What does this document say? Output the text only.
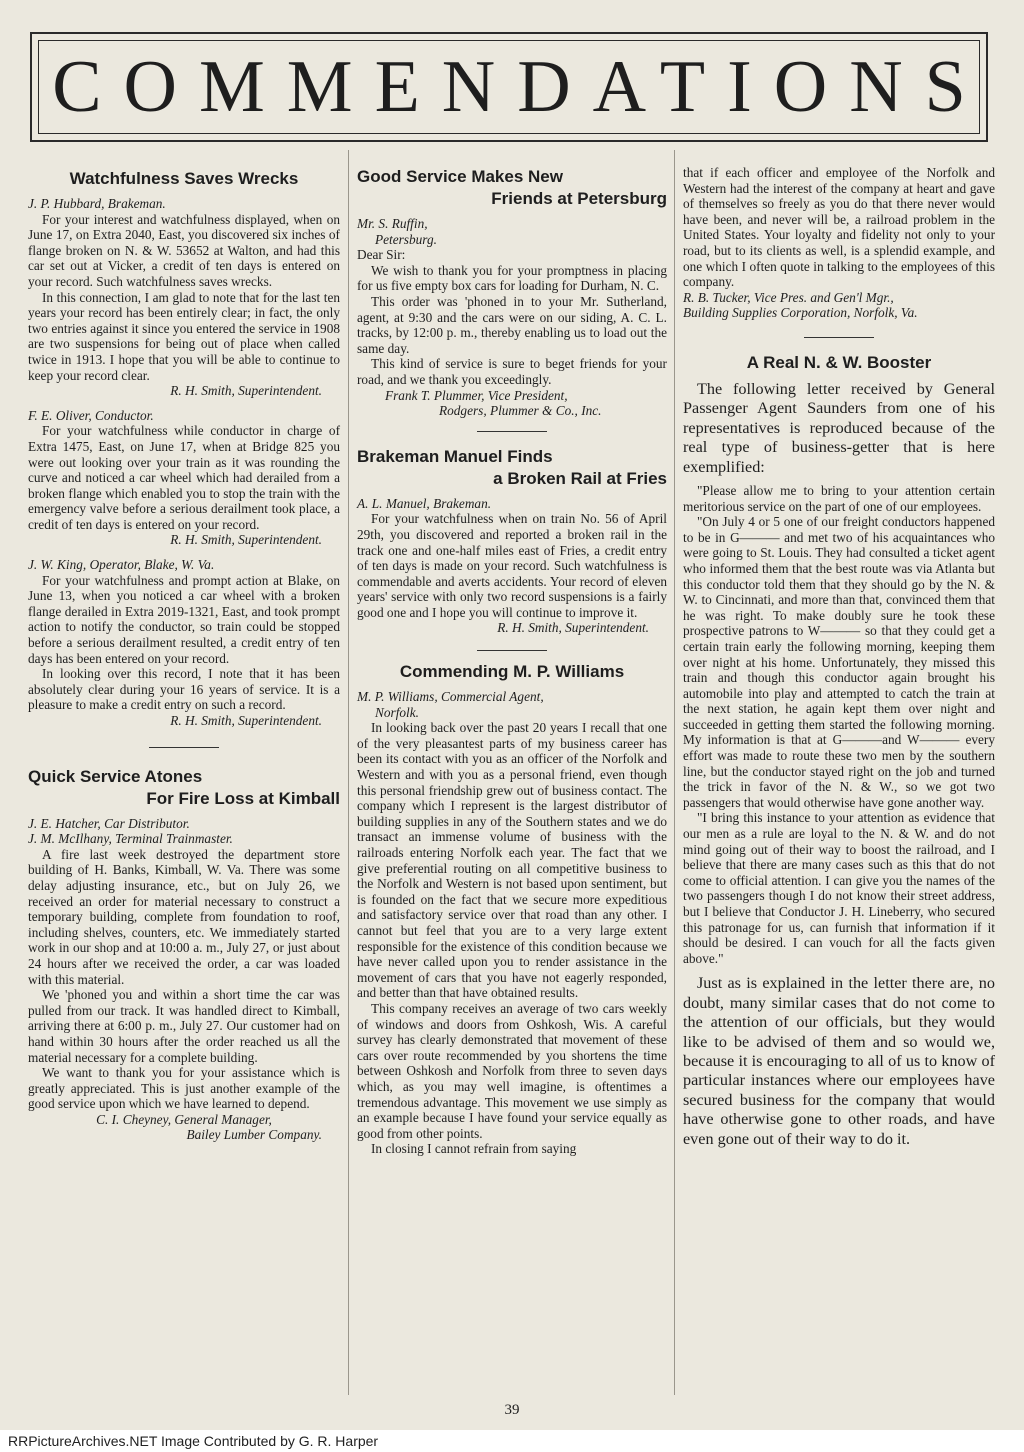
COMMENDATIONS
Watchfulness Saves Wrecks
J. P. Hubbard, Brakeman.

For your interest and watchfulness displayed, when on June 17, on Extra 2040, East, you discovered six inches of flange broken on N. & W. 53652 at Walton, and had this car set out at Vicker, a credit of ten days is entered on your record. Such watchfulness saves wrecks.

In this connection, I am glad to note that for the last ten years your record has been entirely clear; in fact, the only two entries against it since you entered the service in 1908 are two suspensions for being out of place when called twice in 1913. I hope that you will be able to continue to keep your record clear.

R. H. Smith, Superintendent.
F. E. Oliver, Conductor.

For your watchfulness while conductor in charge of Extra 1475, East, on June 17, when at Bridge 825 you were out looking over your train as it was rounding the curve and noticed a car wheel which had derailed from a broken flange which enabled you to stop the train with the emergency valve before a serious derailment took place, a credit of ten days is entered on your record.

R. H. Smith, Superintendent.
J. W. King, Operator, Blake, W. Va.

For your watchfulness and prompt action at Blake, on June 13, when you noticed a car wheel with a broken flange derailed in Extra 2019-1321, East, and took prompt action to notify the conductor, so train could be stopped before a serious derailment resulted, a credit entry of ten days has been entered on your record.

In looking over this record, I note that it has been absolutely clear during your 16 years of service. It is a pleasure to make a credit entry on such a record.

R. H. Smith, Superintendent.
Quick Service Atones
For Fire Loss at Kimball
J. E. Hatcher, Car Distributor.
J. M. McIlhany, Terminal Trainmaster.

A fire last week destroyed the department store building of H. Banks, Kimball, W. Va. There was some delay adjusting insurance, etc., but on July 26, we received an order for material necessary to construct a temporary building, complete from foundation to roof, including shelves, counters, etc. We immediately started work in our shop and at 10:00 a. m., July 27, or just about 24 hours after we received the order, a car was loaded with this material.

We 'phoned you and within a short time the car was pulled from our track. It was handled direct to Kimball, arriving there at 6:00 p. m., July 27. Our customer had on hand within 30 hours after the order reached us all the material necessary for a complete building.

We want to thank you for your assistance which is greatly appreciated. This is just another example of the good service upon which we have learned to depend.

C. I. Cheyney, General Manager,
Bailey Lumber Company.
Good Service Makes New
Friends at Petersburg
Mr. S. Ruffin,
Petersburg.

Dear Sir:

We wish to thank you for your promptness in placing for us five empty box cars for loading for Durham, N. C.

This order was 'phoned in to your Mr. Sutherland, agent, at 9:30 and the cars were on our siding, A. C. L. tracks, by 12:00 p. m., thereby enabling us to load out the same day.

This kind of service is sure to beget friends for your road, and we thank you exceedingly.

Frank T. Plummer, Vice President,
Rodgers, Plummer & Co., Inc.
Brakeman Manuel Finds
a Broken Rail at Fries
A. L. Manuel, Brakeman.

For your watchfulness when on train No. 56 of April 29th, you discovered and reported a broken rail in the track one and one-half miles east of Fries, a credit entry of ten days is made on your record. Such watchfulness is commendable and averts accidents. Your record of eleven years' service with only two record suspensions is a fairly good one and I hope you will continue to improve it.

R. H. Smith, Superintendent.
Commending M. P. Williams
M. P. Williams, Commercial Agent,
Norfolk.

In looking back over the past 20 years I recall that one of the very pleasantest parts of my business career has been its contact with you as an officer of the Norfolk and Western and with you as a personal friend, even though this personal friendship grew out of business contact. The company which I represent is the largest distributor of building supplies in any of the Southern states and we do transact an immense volume of business with the railroads entering Norfolk each year. The fact that we give preferential routing on all competitive business to the Norfolk and Western is not based upon sentiment, but is founded on the fact that we secure more expeditious and satisfactory service over that road than any other. I cannot but feel that you are to a very large extent responsible for the existence of this condition because we have never called upon you to render assistance in the movement of cars that you have not eagerly responded, and better than that have obtained results.

This company receives an average of two cars weekly of windows and doors from Oshkosh, Wis. A careful survey has clearly demonstrated that movement of these cars over route recommended by you shortens the time between Oshkosh and Norfolk from three to seven days which, as you may well imagine, is oftentimes a tremendous advantage. This movement we use simply as an example because I have found your service equally as good from other points.

In closing I cannot refrain from saying

that if each officer and employee of the Norfolk and Western had the interest of the company at heart and gave of themselves so freely as you do that there never would have been, and never will be, a railroad problem in the United States. Your loyalty and fidelity not only to your road, but to its clients as well, is a splendid example, and one which I often quote in talking to the employees of this company.

R. B. Tucker, Vice Pres. and Gen'l Mgr.,
Building Supplies Corporation, Norfolk, Va.
A Real N. & W. Booster

The following letter received by General Passenger Agent Saunders from one of his representatives is reproduced because of the real type of business-getter that is here exemplified:

"Please allow me to bring to your attention certain meritorious service on the part of one of our employees.

"On July 4 or 5 one of our freight conductors happened to be in G——— and met two of his acquaintances who were going to St. Louis. They had consulted a ticket agent who informed them that the best route was via Atlanta but this conductor told them that they should go by the N. & W. to Cincinnati, and more than that, convinced them that he was right. To make doubly sure he took these prospective patrons to W——— so that they could get a certain train early the following morning, keeping them over night at his home. Unfortunately, they missed this train and though this conductor again brought his automobile into play and attempted to catch the train at the next station, he again kept them over night and succeeded in getting them started the following morning. My information is that at G———and W——— every effort was made to route these two men by the southern line, but the conductor stayed right on the job and turned the trick in favor of the N. & W., so we got two passengers that would otherwise have gone another way.

"I bring this instance to your attention as evidence that our men as a rule are loyal to the N. & W. and do not mind going out of their way to boost the railroad, and I believe that there are many cases such as this that do not come to official attention. I can give you the names of the two passengers though I do not know their street address, but I believe that Conductor J. H. Lineberry, who secured this patronage for us, can furnish that information if it should be desired. I can vouch for all the facts given above."

Just as is explained in the letter there are, no doubt, many similar cases that do not come to the attention of our officials, but they would like to be advised of them and so would we, because it is encouraging to all of us to know of particular instances where our employees have secured business for the company that would have otherwise gone to other roads, and have even gone out of their way to do it.

39
RRPictureArchives.NET Image Contributed by G. R. Harper
